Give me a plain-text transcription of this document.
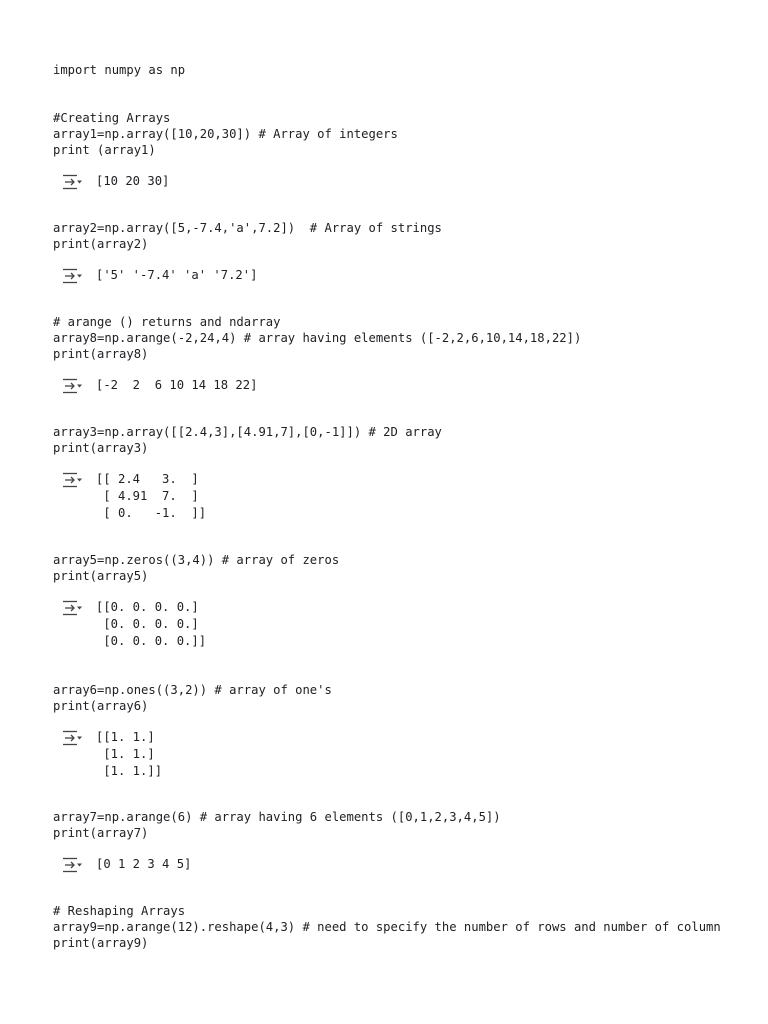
import numpy as np
#Creating Arrays
array1=np.array([10,20,30]) # Array of integers
print (array1)
[10 20 30]
array2=np.array([5,-7.4,'a',7.2])  # Array of strings
print(array2)
['5' '-7.4' 'a' '7.2']
# arange () returns and ndarray
array8=np.arange(-2,24,4) # array having elements ([-2,2,6,10,14,18,22])
print(array8)
[-2  2  6 10 14 18 22]
array3=np.array([[2.4,3],[4.91,7],[0,-1]]) # 2D array
print(array3)
[[ 2.4   3.  ]
[ 4.91  7.  ]
[ 0.   -1.  ]]
array5=np.zeros((3,4)) # array of zeros
print(array5)
[[0. 0. 0. 0.]
[0. 0. 0. 0.]
[0. 0. 0. 0.]]
array6=np.ones((3,2)) # array of one's
print(array6)
[[1. 1.]
[1. 1.]
[1. 1.]]
array7=np.arange(6) # array having 6 elements ([0,1,2,3,4,5])
print(array7)
[0 1 2 3 4 5]
# Reshaping Arrays
array9=np.arange(12).reshape(4,3) # need to specify the number of rows and number of column
print(array9)
